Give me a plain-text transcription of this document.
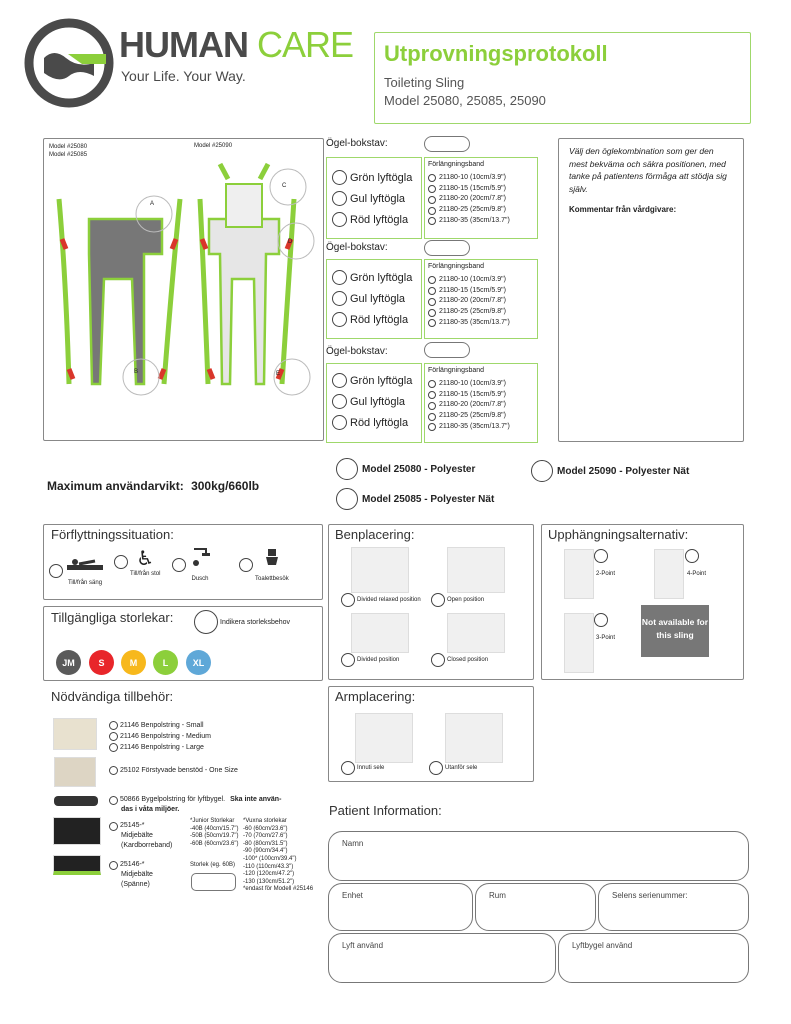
HUMAN CARE
Your Life. Your Way.
Utprovningsprotokoll
Toileting Sling
Model 25080, 25085, 25090
Model #25080
Model #25085
Model #25090
A
B
C
D
E
Ögel-bokstav:
Grön lyftögla
Gul lyftögla
Röd lyftögla
Förlängningsband
21180-10 (10cm/3.9")
21180-15 (15cm/5.9")
21180-20 (20cm/7.8")
21180-25 (25cm/9.8")
21180-35 (35cm/13.7")
Ögel-bokstav:
Grön lyftögla
Gul lyftögla
Röd lyftögla
Förlängningsband
21180-10 (10cm/3.9")
21180-15 (15cm/5.9")
21180-20 (20cm/7.8")
21180-25 (25cm/9.8")
21180-35 (35cm/13.7")
Ögel-bokstav:
Grön lyftögla
Gul lyftögla
Röd lyftögla
Förlängningsband
21180-10 (10cm/3.9")
21180-15 (15cm/5.9")
21180-20 (20cm/7.8")
21180-25 (25cm/9.8")
21180-35 (35cm/13.7")
Välj den öglekombination som ger den mest bekväma och säkra positionen, med tanke på patientens förmåga att stödja sig själv.
Kommentar från vårdgivare:
Maximum användarvikt: 300kg/660lb
Model 25080 - Polyester	Model 25090 - Polyester Nät
Model 25085 - Polyester Nät
Förflyttningssituation:
Till/från säng
♿
Till/från stol
Dusch	Toalettbesök
Tillgängliga storlekar:	Indikera storleksbehov
JM	S	M	L	XL
Benplacering:
Divided relaxed position	Open position
Divided position	Closed position
Upphängningsalternativ:
2-Point	4-Point
3-Point
Not available for this sling
Armplacering:
Innuti sele	Utanför sele
Nödvändiga tillbehör:
21146 Benpolstring - Small
21146 Benpolstring - Medium
21146 Benpolstring - Large
25102 Förstyvade benstöd - One Size
50866 Bygelpolstring för lyftbygel. Ska inte använ-
das i våta miljöer.
25145-*
Midjebälte
(Kardborreband)
25146-*
Midjebälte
(Spänne)
*Junior Storlekar
-40B (40cm/15.7")
-50B (50cm/19.7")
-60B (60cm/23.6")
*Vuxna storlekar
-60 (60cm/23.6")
-70 (70cm/27.6")
-80 (80cm/31.5")
-90 (90cm/34.4")
-100* (100cm/39.4")
-110 (110cm/43.3")
-120 (120cm/47.2")
-130 (130cm/51.2")
*endast för Modell #25146
Storlek (eg. 60B)
Patient Information:
Namn
Enhet	Rum	Selens serienummer:
Lyft använd	Lyftbygel använd
